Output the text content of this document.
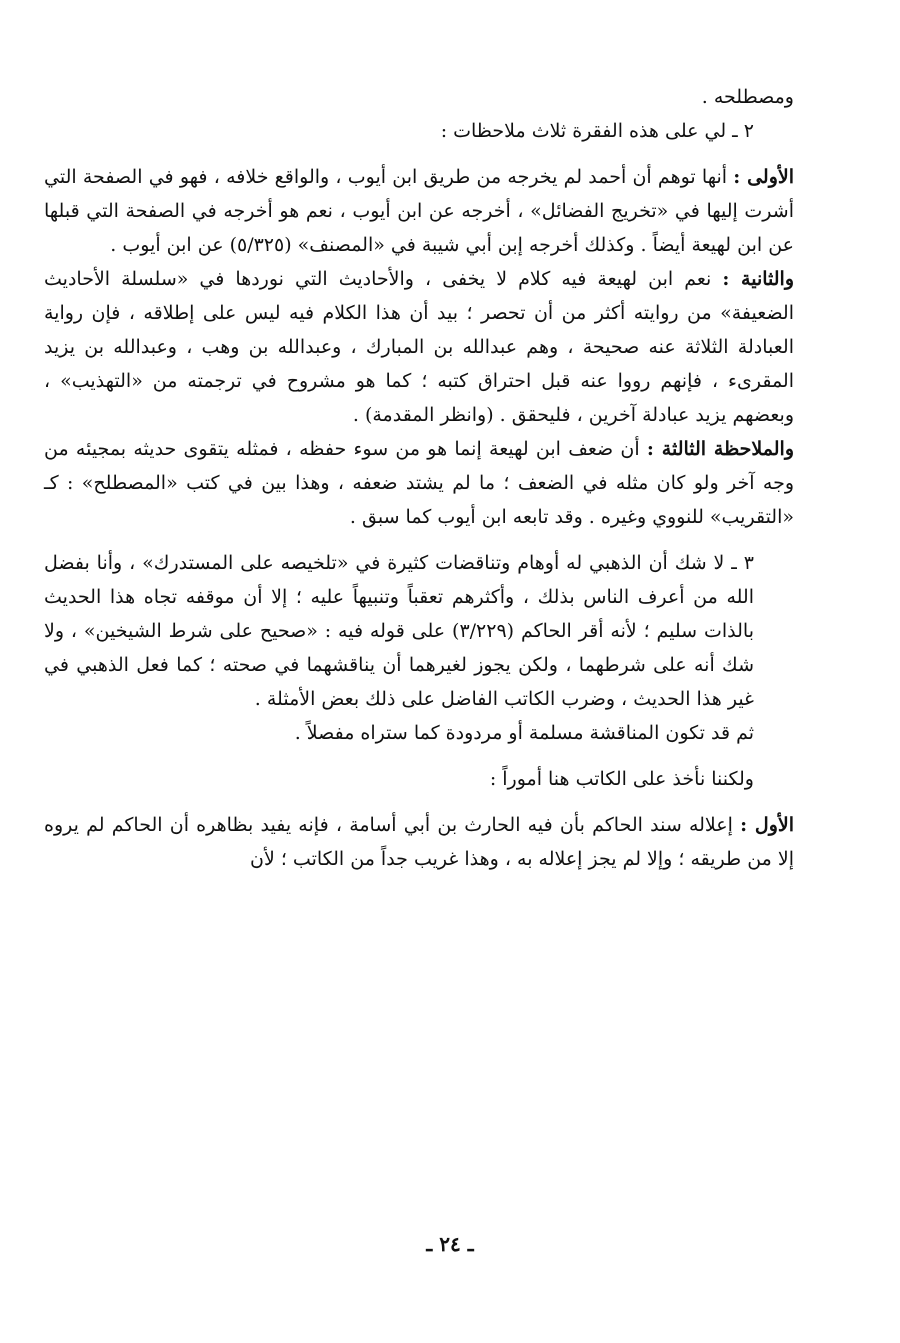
ومصطلحه .

٢ ـ لي على هذه الفقرة ثلاث ملاحظات :

الأولى : أنها توهم أن أحمد لم يخرجه من طريق ابن أيوب ، والواقع خلافه ، فهو في الصفحة التي أشرت إليها في «تخريج الفضائل» ، أخرجه عن ابن أيوب ، نعم هو أخرجه في الصفحة التي قبلها عن ابن لهيعة أيضاً . وكذلك أخرجه إبن أبي شيبة في «المصنف» (٥/٣٢٥) عن ابن أيوب .

والثانية : نعم ابن لهيعة فيه كلام لا يخفى ، والأحاديث التي نوردها في «سلسلة الأحاديث الضعيفة» من روايته أكثر من أن تحصر ؛ بيد أن هذا الكلام فيه ليس على إطلاقه ، فإن رواية العبادلة الثلاثة عنه صحيحة ، وهم عبدالله بن المبارك ، وعبدالله بن وهب ، وعبدالله بن يزيد المقرىء ، فإنهم رووا عنه قبل احتراق كتبه ؛ كما هو مشروح في ترجمته من «التهذيب» ، وبعضهم يزيد عبادلة آخرين ، فليحقق . (وانظر المقدمة) .

والملاحظة الثالثة : أن ضعف ابن لهيعة إنما هو من سوء حفظه ، فمثله يتقوى حديثه بمجيئه من وجه آخر ولو كان مثله في الضعف ؛ ما لم يشتد ضعفه ، وهذا بين في كتب «المصطلح» : كـ «التقريب» للنووي وغيره . وقد تابعه ابن أيوب كما سبق .

٣ ـ لا شك أن الذهبي له أوهام وتناقضات كثيرة في «تلخيصه على المستدرك» ، وأنا بفضل الله من أعرف الناس بذلك ، وأكثرهم تعقباً وتنبيهاً عليه ؛ إلا أن موقفه تجاه هذا الحديث بالذات سليم ؛ لأنه أقر الحاكم (٣/٢٢٩) على قوله فيه : «صحيح على شرط الشيخين» ، ولا شك أنه على شرطهما ، ولكن يجوز لغيرهما أن يناقشهما في صحته ؛ كما فعل الذهبي في غير هذا الحديث ، وضرب الكاتب الفاضل على ذلك بعض الأمثلة .

ثم قد تكون المناقشة مسلمة أو مردودة كما ستراه مفصلاً .

ولكننا نأخذ على الكاتب هنا أموراً :

الأول : إعلاله سند الحاكم بأن فيه الحارث بن أبي أسامة ، فإنه يفيد بظاهره أن الحاكم لم يروه إلا من طريقه ؛ وإلا لم يجز إعلاله به ، وهذا غريب جداً من الكاتب ؛ لأن

ـ ٢٤ ـ
